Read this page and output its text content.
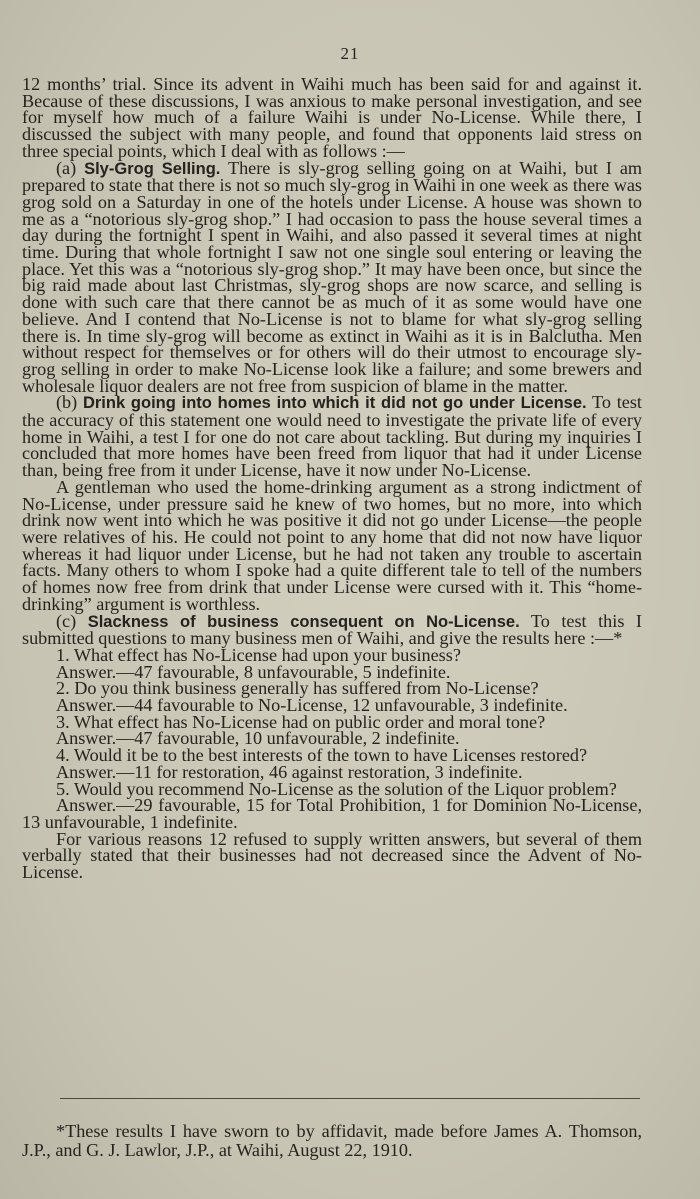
21

12 months’ trial. Since its advent in Waihi much has been said for and against it. Because of these discussions, I was anxious to make personal investigation, and see for myself how much of a failure Waihi is under No-License. While there, I discussed the subject with many people, and found that opponents laid stress on three special points, which I deal with as follows :—

(a) Sly-Grog Selling. There is sly-grog selling going on at Waihi, but I am prepared to state that there is not so much sly-grog in Waihi in one week as there was grog sold on a Saturday in one of the hotels under License. A house was shown to me as a “notorious sly-grog shop.” I had occasion to pass the house several times a day during the fortnight I spent in Waihi, and also passed it several times at night time. During that whole fortnight I saw not one single soul entering or leaving the place. Yet this was a “notorious sly-grog shop.” It may have been once, but since the big raid made about last Christmas, sly-grog shops are now scarce, and selling is done with such care that there cannot be as much of it as some would have one believe. And I contend that No-License is not to blame for what sly-grog selling there is. In time sly-grog will become as extinct in Waihi as it is in Balclutha. Men without respect for themselves or for others will do their utmost to encourage sly-grog selling in order to make No-License look like a failure; and some brewers and wholesale liquor dealers are not free from suspicion of blame in the matter.

(b) Drink going into homes into which it did not go under License. To test the accuracy of this statement one would need to investigate the private life of every home in Waihi, a test I for one do not care about tackling. But during my inquiries I concluded that more homes have been freed from liquor that had it under License than, being free from it under License, have it now under No-License.

A gentleman who used the home-drinking argument as a strong indictment of No-License, under pressure said he knew of two homes, but no more, into which drink now went into which he was positive it did not go under License—the people were relatives of his. He could not point to any home that did not now have liquor whereas it had liquor under License, but he had not taken any trouble to ascertain facts. Many others to whom I spoke had a quite different tale to tell of the numbers of homes now free from drink that under License were cursed with it. This “home-drinking” argument is worthless.

(c) Slackness of business consequent on No-License. To test this I submitted questions to many business men of Waihi, and give the results here :—*

1. What effect has No-License had upon your business?

Answer.—47 favourable, 8 unfavourable, 5 indefinite.

2. Do you think business generally has suffered from No-License?

Answer.—44 favourable to No-License, 12 unfavourable, 3 indefinite.

3. What effect has No-License had on public order and moral tone?

Answer.—47 favourable, 10 unfavourable, 2 indefinite.

4. Would it be to the best interests of the town to have Licenses restored?

Answer.—11 for restoration, 46 against restoration, 3 indefinite.

5. Would you recommend No-License as the solution of the Liquor problem?

Answer.—29 favourable, 15 for Total Prohibition, 1 for Dominion No-License, 13 unfavourable, 1 indefinite.

For various reasons 12 refused to supply written answers, but several of them verbally stated that their businesses had not decreased since the Advent of No-License.

*These results I have sworn to by affidavit, made before James A. Thomson, J.P., and G. J. Lawlor, J.P., at Waihi, August 22, 1910.
